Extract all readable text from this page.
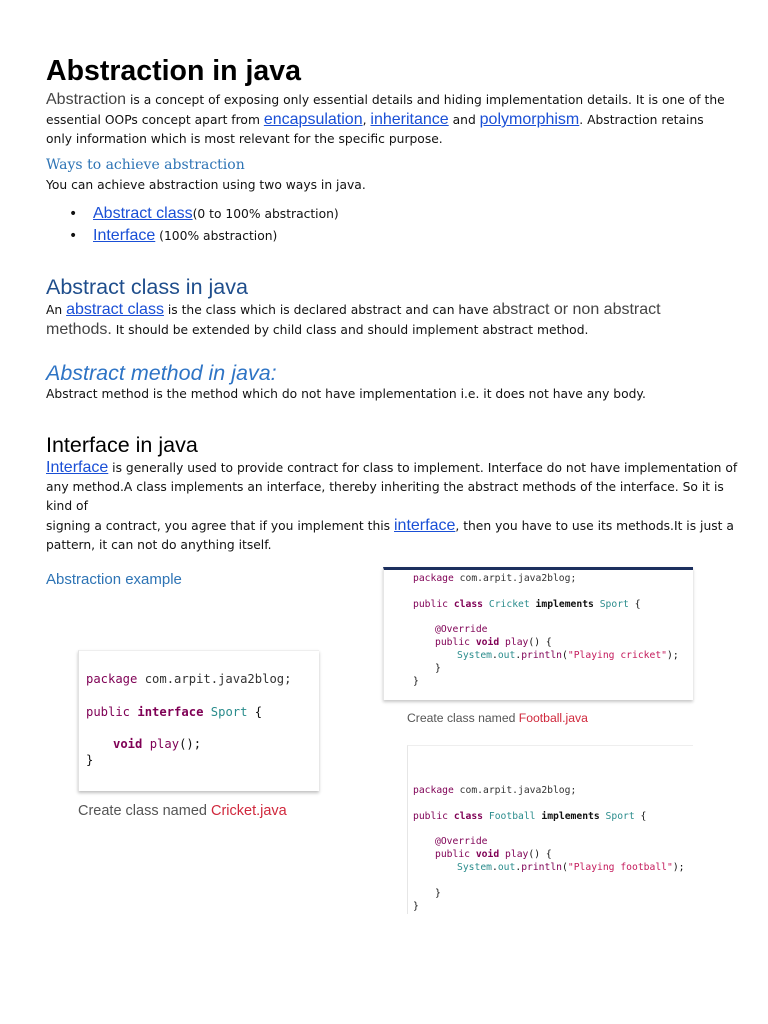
Abstraction in java
Abstraction is a concept of exposing only essential details and hiding implementation details. It is one of the
essential OOPs concept apart from encapsulation, inheritance and polymorphism. Abstraction retains
only information which is most relevant for the specific purpose.
Ways to achieve abstraction
You can achieve abstraction using two ways in java.
• Abstract class(0 to 100% abstraction)
• Interface (100% abstraction)
Abstract class in java
An abstract class is the class which is declared abstract and can have abstract or non abstract
methods. It should be extended by child class and should implement abstract method.
Abstract method in java:
Abstract method is the method which do not have implementation i.e. it does not have any body.
Interface in java
Interface is generally used to provide contract for class to implement. Interface do not have implementation of
any method.A class implements an interface, thereby inheriting the abstract methods of the interface. So it is kind of
signing a contract, you agree that if you implement this interface, then you have to use its methods.It is just a
pattern, it can not do anything itself.
Abstraction example
package com.arpit.java2blog;
public interface Sport {
void play();
}
Create class named Cricket.java
package com.arpit.java2blog;
public class Cricket implements Sport {
@Override
public void play() {
System.out.println("Playing cricket");
}
}
Create class named Football.java
package com.arpit.java2blog;
public class Football implements Sport {
@Override
public void play() {
System.out.println("Playing football");
}
}
